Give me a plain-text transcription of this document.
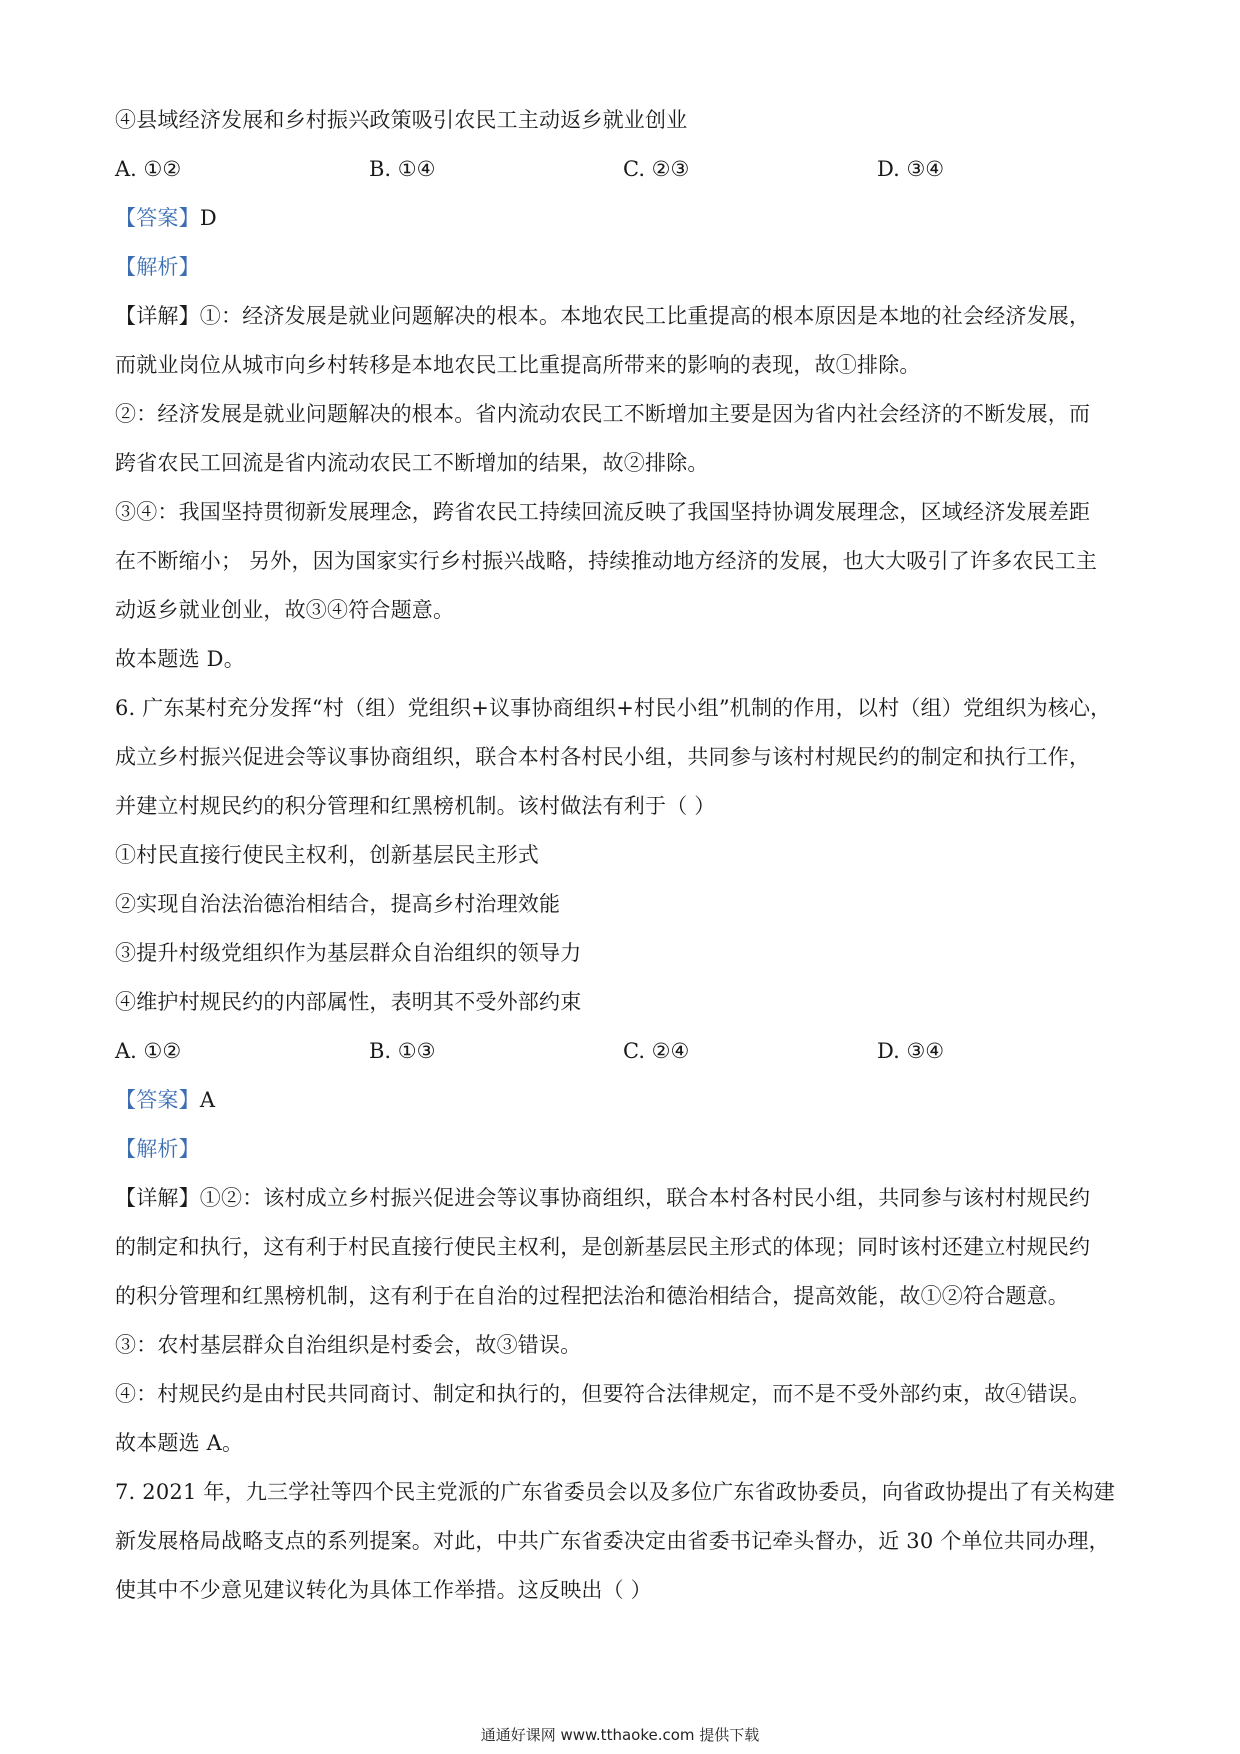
④县域经济发展和乡村振兴政策吸引农民工主动返乡就业创业
A. ①②	B. ①④	C. ②③	D. ③④
【答案】D
【解析】
【详解】①：经济发展是就业问题解决的根本。本地农民工比重提高的根本原因是本地的社会经济发展，
而就业岗位从城市向乡村转移是本地农民工比重提高所带来的影响的表现，故①排除。
②：经济发展是就业问题解决的根本。省内流动农民工不断增加主要是因为省内社会经济的不断发展，而
跨省农民工回流是省内流动农民工不断增加的结果，故②排除。
③④：我国坚持贯彻新发展理念，跨省农民工持续回流反映了我国坚持协调发展理念，区域经济发展差距
在不断缩小； 另外，因为国家实行乡村振兴战略，持续推动地方经济的发展，也大大吸引了许多农民工主
动返乡就业创业，故③④符合题意。
故本题选 D。
6. 广东某村充分发挥“村（组）党组织+议事协商组织+村民小组”机制的作用，以村（组）党组织为核心，
成立乡村振兴促进会等议事协商组织，联合本村各村民小组，共同参与该村村规民约的制定和执行工作，
并建立村规民约的积分管理和红黑榜机制。该村做法有利于（ ）
①村民直接行使民主权利，创新基层民主形式
②实现自治法治德治相结合，提高乡村治理效能
③提升村级党组织作为基层群众自治组织的领导力
④维护村规民约的内部属性，表明其不受外部约束
A. ①②	B. ①③	C. ②④	D. ③④
【答案】A
【解析】
【详解】①②：该村成立乡村振兴促进会等议事协商组织，联合本村各村民小组，共同参与该村村规民约
的制定和执行，这有利于村民直接行使民主权利，是创新基层民主形式的体现；同时该村还建立村规民约
的积分管理和红黑榜机制，这有利于在自治的过程把法治和德治相结合，提高效能，故①②符合题意。
③：农村基层群众自治组织是村委会，故③错误。
④：村规民约是由村民共同商讨、制定和执行的，但要符合法律规定，而不是不受外部约束，故④错误。
故本题选 A。
7. 2021 年，九三学社等四个民主党派的广东省委员会以及多位广东省政协委员，向省政协提出了有关构建
新发展格局战略支点的系列提案。对此，中共广东省委决定由省委书记牵头督办，近 30 个单位共同办理，
使其中不少意见建议转化为具体工作举措。这反映出（ ）
通通好课网 www.tthaoke.com 提供下载
